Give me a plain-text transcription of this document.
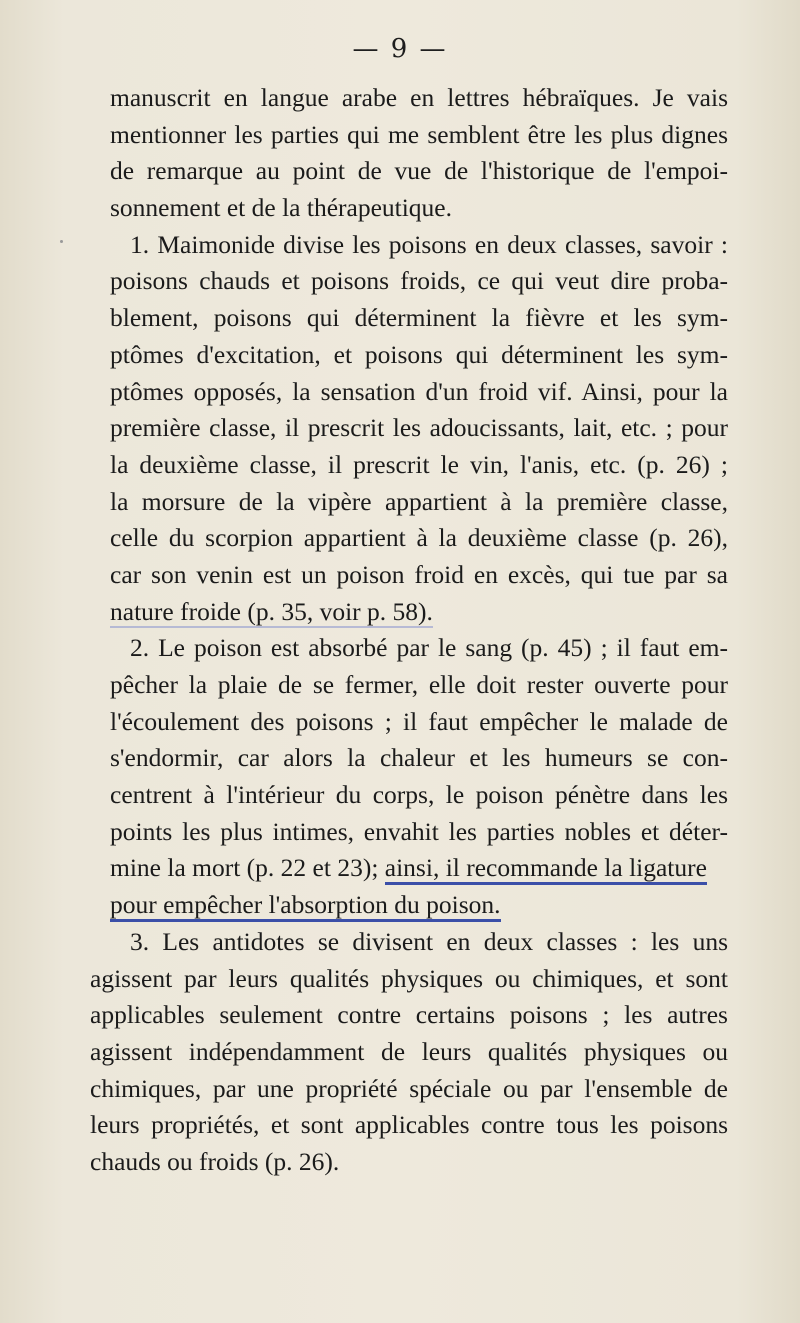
— 9 —
manuscrit en langue arabe en lettres hébraïques. Je vais
mentionner les parties qui me semblent être les plus dignes
de remarque au point de vue de l'historique de l'empoi-
sonnement et de la thérapeutique.
1. Maimonide divise les poisons en deux classes, savoir :
poisons chauds et poisons froids, ce qui veut dire proba-
blement, poisons qui déterminent la fièvre et les sym-
ptômes d'excitation, et poisons qui déterminent les sym-
ptômes opposés, la sensation d'un froid vif. Ainsi, pour la
première classe, il prescrit les adoucissants, lait, etc. ; pour
la deuxième classe, il prescrit le vin, l'anis, etc. (p. 26) ;
la morsure de la vipère appartient à la première classe,
celle du scorpion appartient à la deuxième classe (p. 26),
car son venin est un poison froid en excès, qui tue par sa
nature froide (p. 35, voir p. 58).
2. Le poison est absorbé par le sang (p. 45) ; il faut em-
pêcher la plaie de se fermer, elle doit rester ouverte pour
l'écoulement des poisons ; il faut empêcher le malade de
s'endormir, car alors la chaleur et les humeurs se con-
centrent à l'intérieur du corps, le poison pénètre dans les
points les plus intimes, envahit les parties nobles et déter-
mine la mort (p. 22 et 23); ainsi, il recommande la ligature
pour empêcher l'absorption du poison.
3. Les antidotes se divisent en deux classes : les uns
agissent par leurs qualités physiques ou chimiques, et sont
applicables seulement contre certains poisons ; les autres
agissent indépendamment de leurs qualités physiques ou
chimiques, par une propriété spéciale ou par l'ensemble de
leurs propriétés, et sont applicables contre tous les poisons
chauds ou froids (p. 26).
